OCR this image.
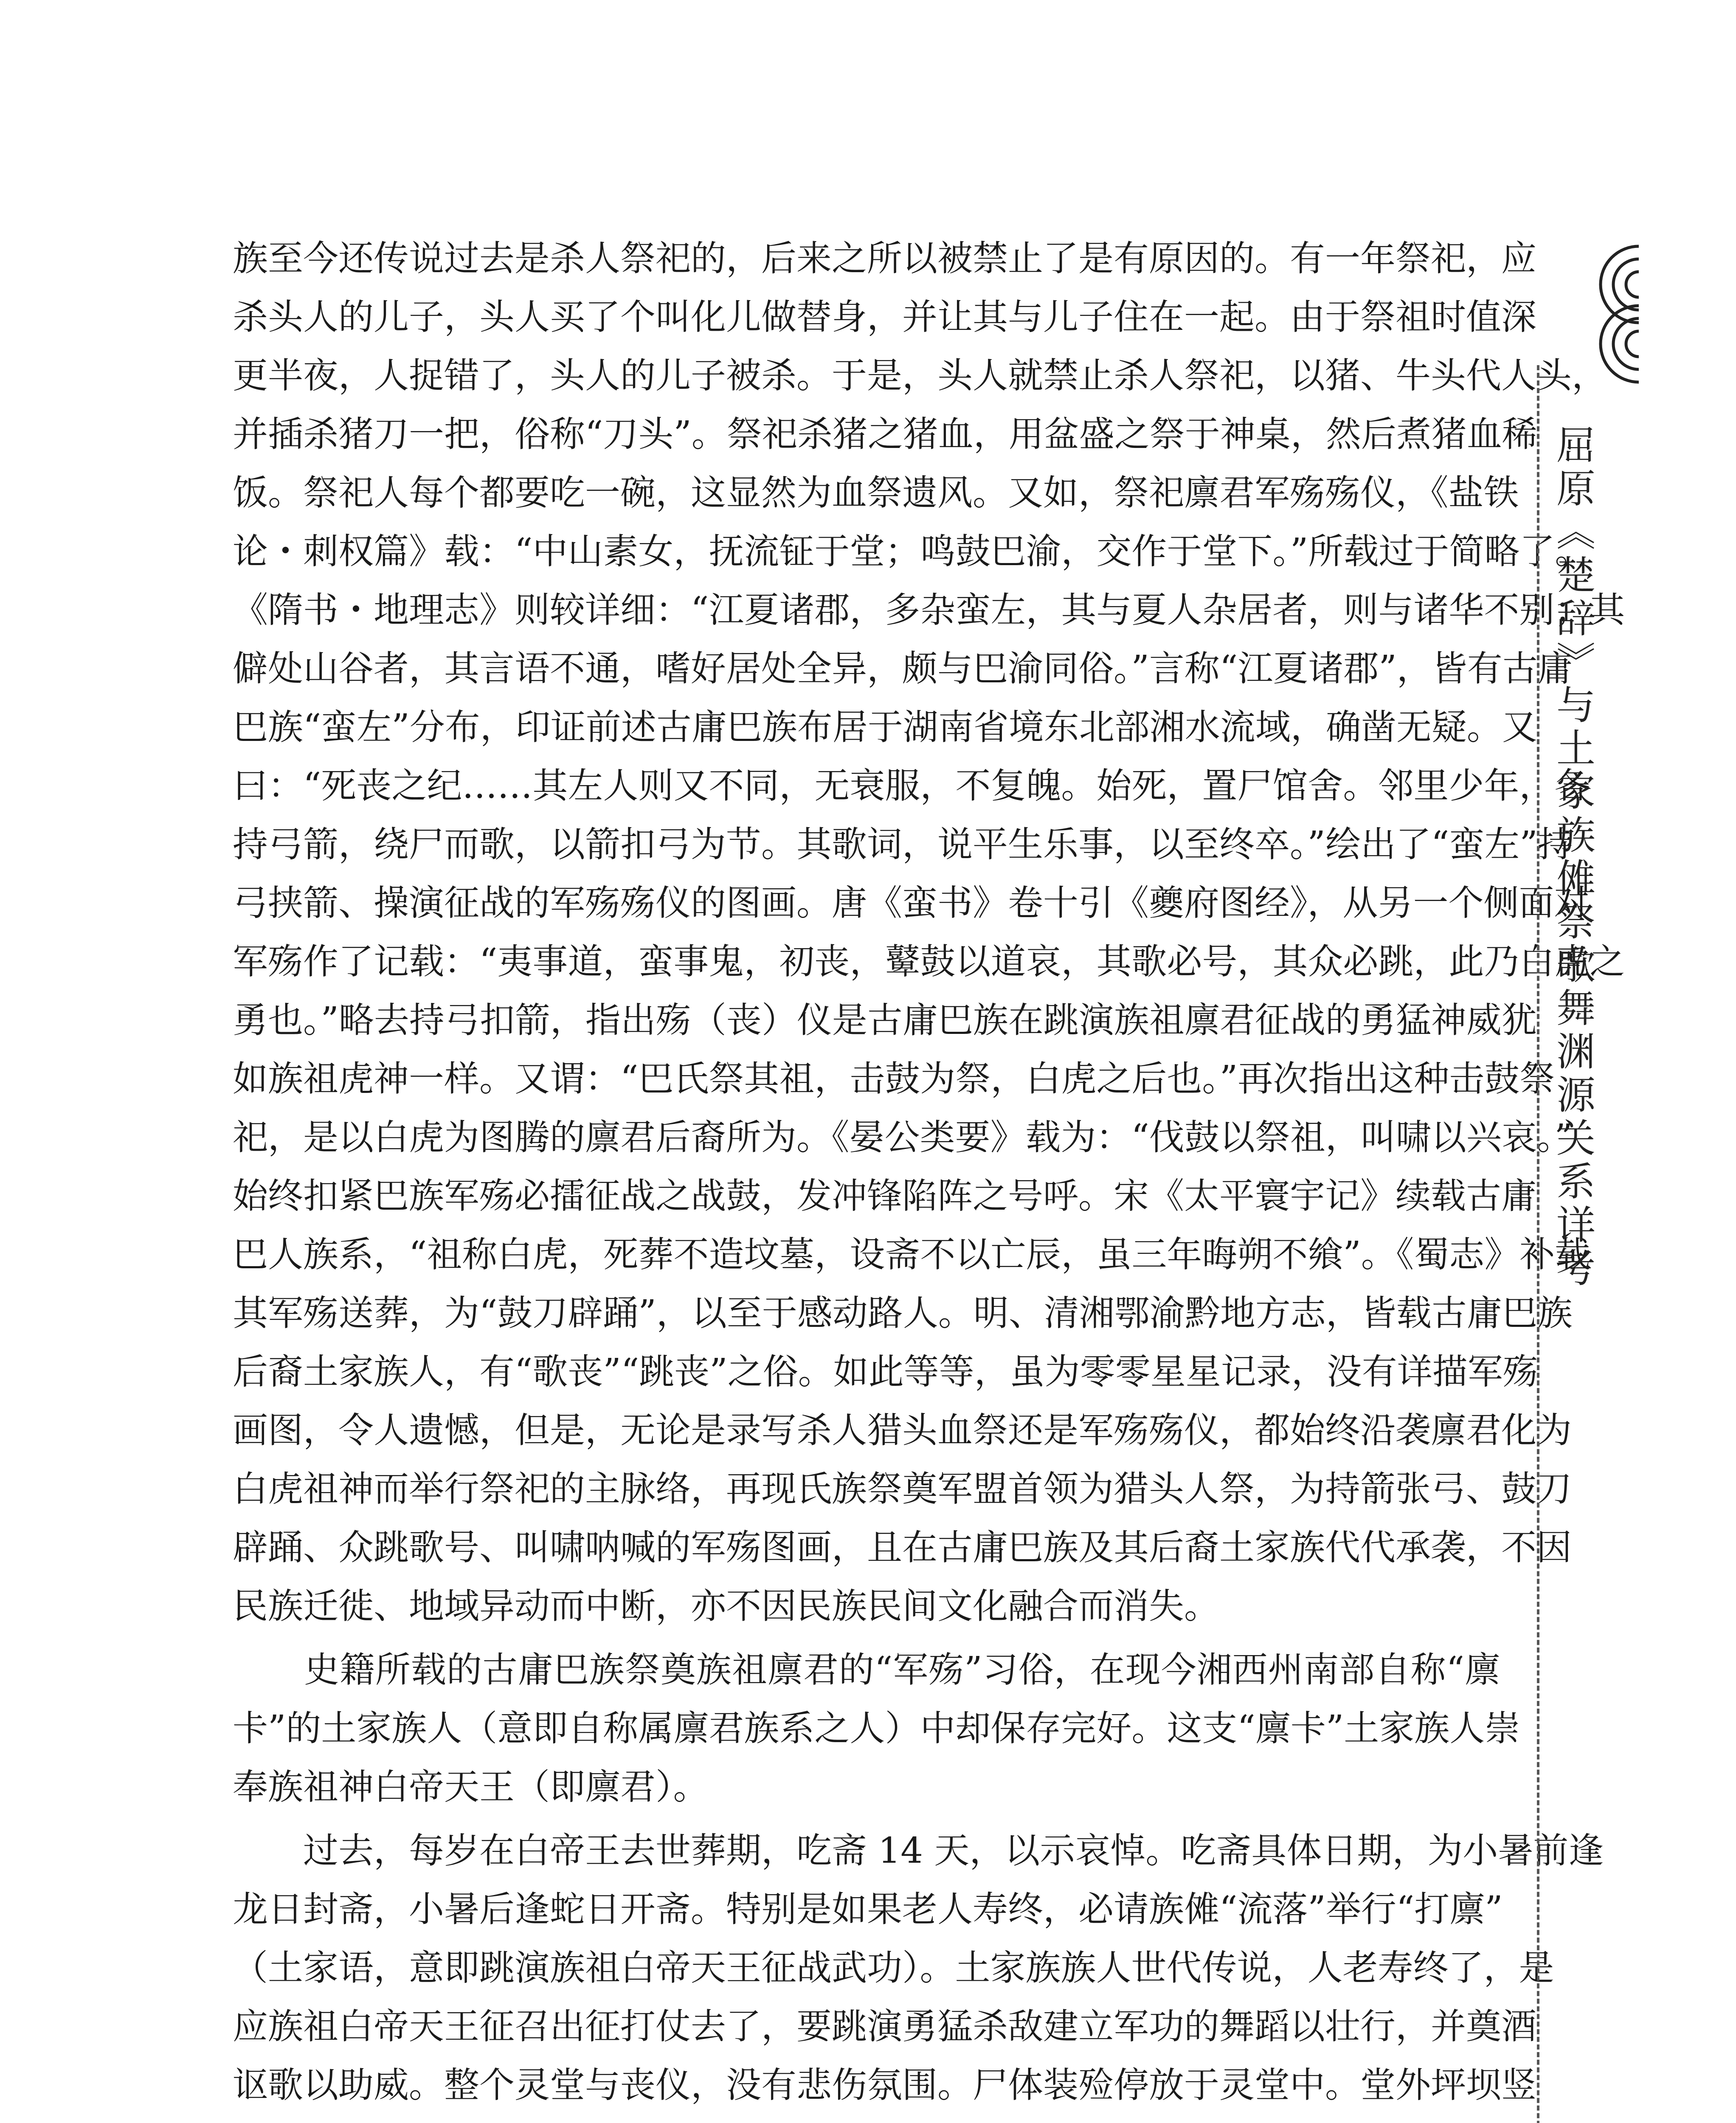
族至今还传说过去是杀人祭祀的，后来之所以被禁止了是有原因的。有一年祭祀，应
杀头人的儿子，头人买了个叫化儿做替身，并让其与儿子住在一起。由于祭祖时值深
更半夜，人捉错了，头人的儿子被杀。于是，头人就禁止杀人祭祀，以猪、牛头代人头，
并插杀猪刀一把，俗称“刀头”。祭祀杀猪之猪血，用盆盛之祭于神桌，然后煮猪血稀
饭。祭祀人每个都要吃一碗，这显然为血祭遗风。又如，祭祀廪君军殇殇仪，《盐铁
论・刺权篇》载：“中山素女，抚流钲于堂；鸣鼓巴渝，交作于堂下。”所载过于简略了。
《隋书・地理志》则较详细：“江夏诸郡，多杂蛮左，其与夏人杂居者，则与诸华不别；其
僻处山谷者，其言语不通，嗜好居处全异，颇与巴渝同俗。”言称“江夏诸郡”，皆有古庸
巴族“蛮左”分布，印证前述古庸巴族布居于湖南省境东北部湘水流域，确凿无疑。又
曰：“死丧之纪……其左人则又不同，无衰服，不复魄。始死，置尸馆舍。邻里少年，各
持弓箭，绕尸而歌，以箭扣弓为节。其歌词，说平生乐事，以至终卒。”绘出了“蛮左”持
弓挟箭、操演征战的军殇殇仪的图画。唐《蛮书》卷十引《夔府图经》，从另一个侧面对
军殇作了记载：“夷事道，蛮事鬼，初丧，鼙鼓以道哀，其歌必号，其众必跳，此乃白虎之
勇也。”略去持弓扣箭，指出殇（丧）仪是古庸巴族在跳演族祖廪君征战的勇猛神威犹
如族祖虎神一样。又谓：“巴氏祭其祖，击鼓为祭，白虎之后也。”再次指出这种击鼓祭
祀，是以白虎为图腾的廪君后裔所为。《晏公类要》载为：“伐鼓以祭祖，叫啸以兴哀。”
始终扣紧巴族军殇必擂征战之战鼓，发冲锋陷阵之号呼。宋《太平寰宇记》续载古庸
巴人族系，“祖称白虎，死葬不造坟墓，设斋不以亡辰，虽三年晦朔不飨”。《蜀志》补载
其军殇送葬，为“鼓刀辟踊”，以至于感动路人。明、清湘鄂渝黔地方志，皆载古庸巴族
后裔土家族人，有“歌丧”“跳丧”之俗。如此等等，虽为零零星星记录，没有详描军殇
画图，令人遗憾，但是，无论是录写杀人猎头血祭还是军殇殇仪，都始终沿袭廪君化为
白虎祖神而举行祭祀的主脉络，再现氏族祭奠军盟首领为猎头人祭，为持箭张弓、鼓刀
辟踊、众跳歌号、叫啸呐喊的军殇图画，且在古庸巴族及其后裔土家族代代承袭，不因
民族迁徙、地域异动而中断，亦不因民族民间文化融合而消失。
　　史籍所载的古庸巴族祭奠族祖廪君的“军殇”习俗，在现今湘西州南部自称“廪
卡”的土家族人（意即自称属廪君族系之人）中却保存完好。这支“廪卡”土家族人崇
奉族祖神白帝天王（即廪君）。
　　过去，每岁在白帝王去世葬期，吃斋 14 天，以示哀悼。吃斋具体日期，为小暑前逢
龙日封斋，小暑后逢蛇日开斋。特别是如果老人寿终，必请族傩“流落”举行“打廪”
（土家语，意即跳演族祖白帝天王征战武功）。土家族族人世代传说，人老寿终了，是
应族祖白帝天王征召出征打仗去了，要跳演勇猛杀敌建立军功的舞蹈以壮行，并奠酒
讴歌以助威。整个灵堂与丧仪，没有悲伤氛围。尸体装殓停放于灵堂中。堂外坪坝竖
屈原《楚辞》与土家族傩祭歌舞渊源关系详考
